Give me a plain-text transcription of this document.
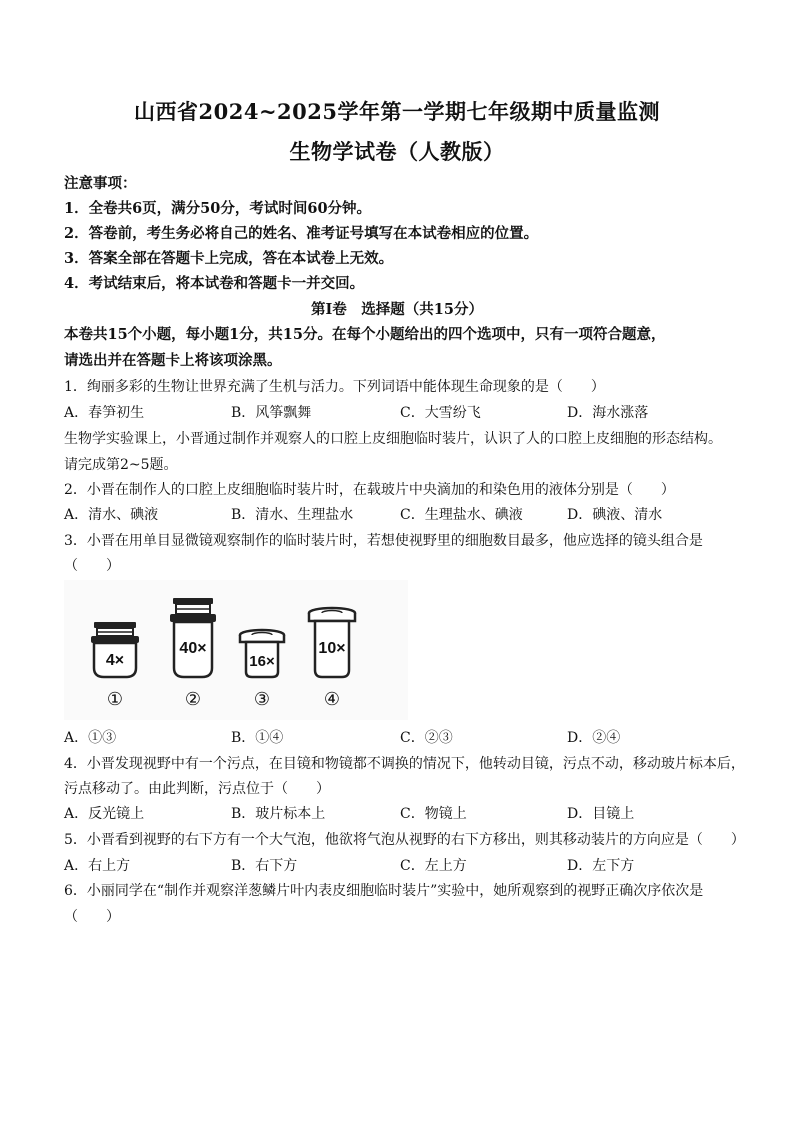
山西省2024~2025学年第一学期七年级期中质量监测
生物学试卷（人教版）
注意事项：
1．全卷共6页，满分50分，考试时间60分钟。
2．答卷前，考生务必将自己的姓名、准考证号填写在本试卷相应的位置。
3．答案全部在答题卡上完成，答在本试卷上无效。
4．考试结束后，将本试卷和答题卡一并交回。
第Ⅰ卷　选择题（共15分）
本卷共15个小题，每小题1分，共15分。在每个小题给出的四个选项中，只有一项符合题意，
请选出并在答题卡上将该项涂黑。
1．绚丽多彩的生物让世界充满了生机与活力。下列词语中能体现生命现象的是（　　）
A．春笋初生	B．风筝飘舞	C．大雪纷飞	D．海水涨落
生物学实验课上，小晋通过制作并观察人的口腔上皮细胞临时装片，认识了人的口腔上皮细胞的形态结构。
请完成第2~5题。
2．小晋在制作人的口腔上皮细胞临时装片时，在载玻片中央滴加的和染色用的液体分别是（　　）
A．清水、碘液	B．清水、生理盐水	C．生理盐水、碘液	D．碘液、清水
3．小晋在用单目显微镜观察制作的临时装片时，若想使视野里的细胞数目最多，他应选择的镜头组合是
（　　）
4×
①
40×
②
16×
③
10×
④
A．①③	B．①④	C．②③	D．②④
4．小晋发现视野中有一个污点，在目镜和物镜都不调换的情况下，他转动目镜，污点不动，移动玻片标本后，
污点移动了。由此判断，污点位于（　　）
A．反光镜上	B．玻片标本上	C．物镜上	D．目镜上
5．小晋看到视野的右下方有一个大气泡，他欲将气泡从视野的右下方移出，则其移动装片的方向应是（　　）
A．右上方	B．右下方	C．左上方	D．左下方
6．小丽同学在“制作并观察洋葱鳞片叶内表皮细胞临时装片”实验中，她所观察到的视野正确次序依次是
（　　）
